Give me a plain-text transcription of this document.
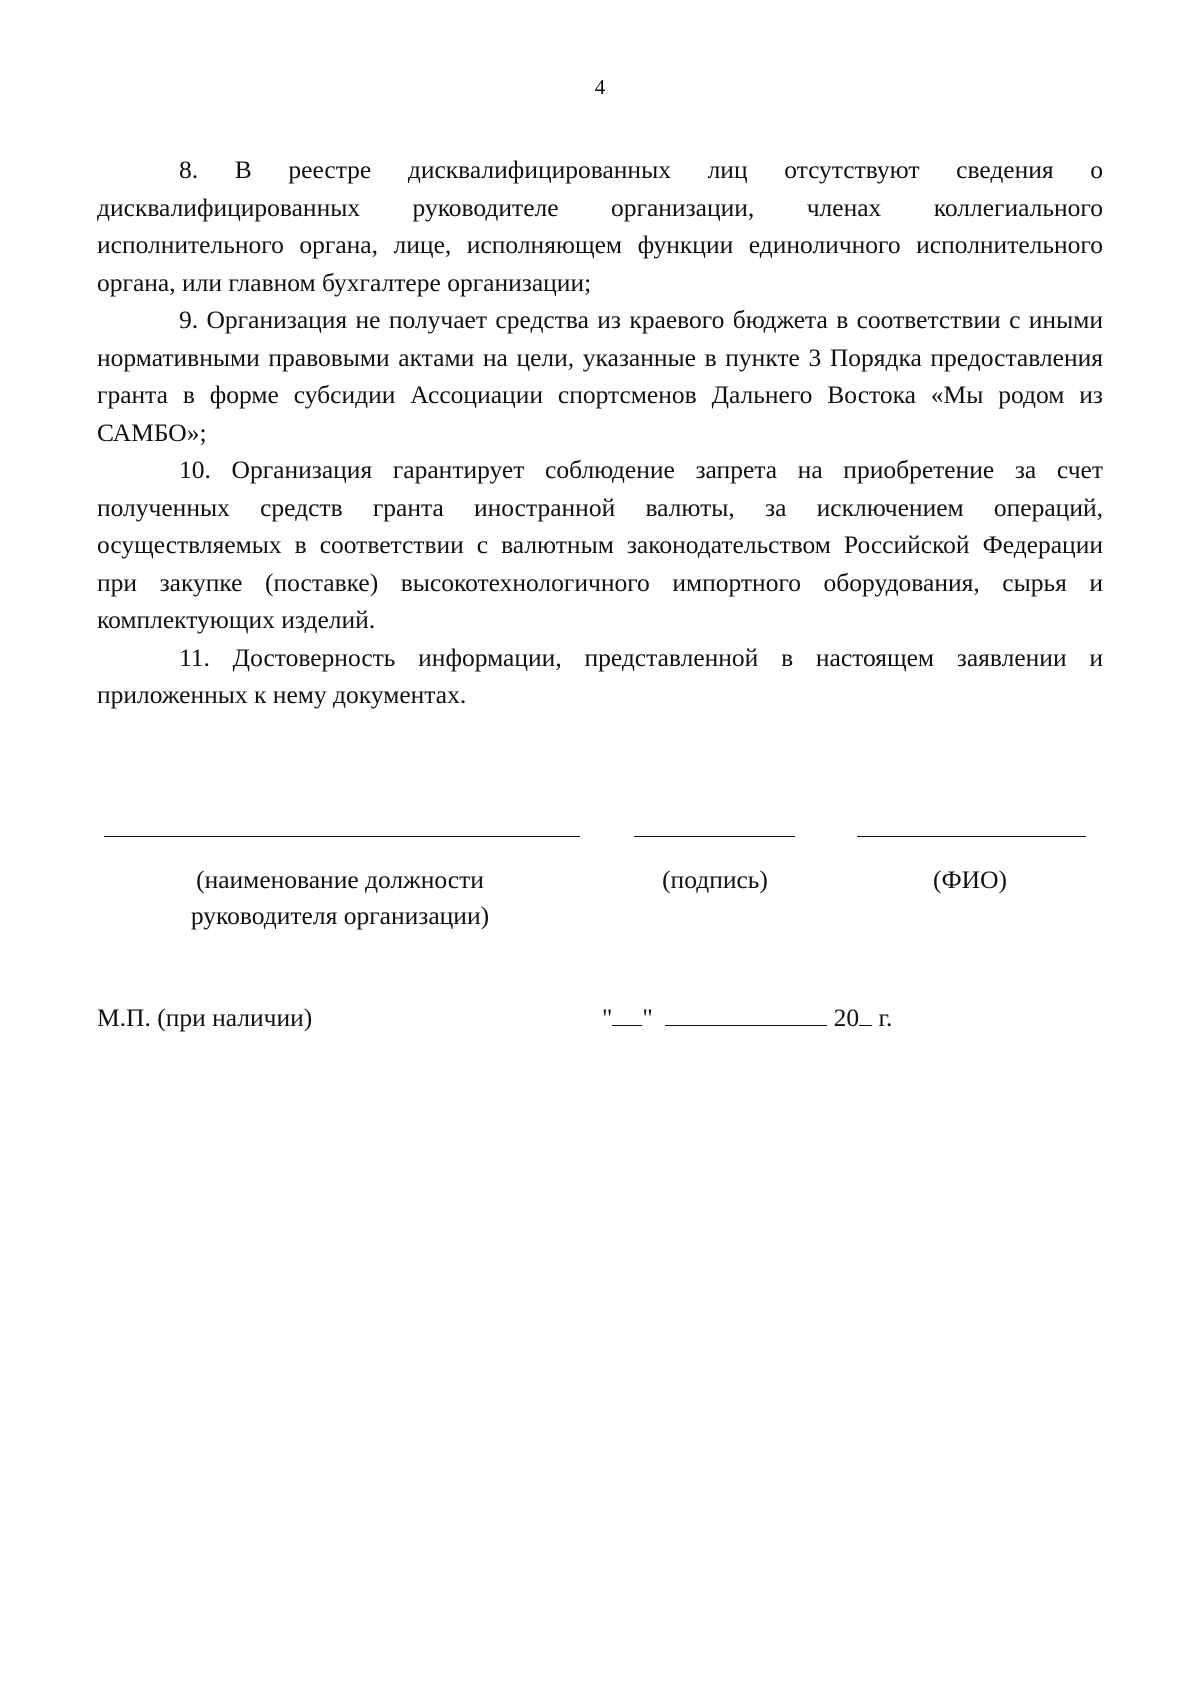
4

8. В реестре дисквалифицированных лиц отсутствуют сведения о дисквалифицированных руководителе организации, членах коллегиального исполнительного органа, лице, исполняющем функции единоличного исполнительного органа, или главном бухгалтере организации;

9. Организация не получает средства из краевого бюджета в соответствии с иными нормативными правовыми актами на цели, указанные в пункте 3 Порядка предоставления гранта в форме субсидии Ассоциации спортсменов Дальнего Востока «Мы родом из САМБО»;

10. Организация гарантирует соблюдение запрета на приобретение за счет полученных средств гранта иностранной валюты, за исключением операций, осуществляемых в соответствии с валютным законодательством Российской Федерации при закупке (поставке) высокотехнологичного импортного оборудования, сырья и комплектующих изделий.

11. Достоверность информации, представленной в настоящем заявлении и приложенных к нему документах.

(наименование должности
руководителя организации)
(подпись)	(ФИО)
М.П. (при наличии)	" "	20 г.
